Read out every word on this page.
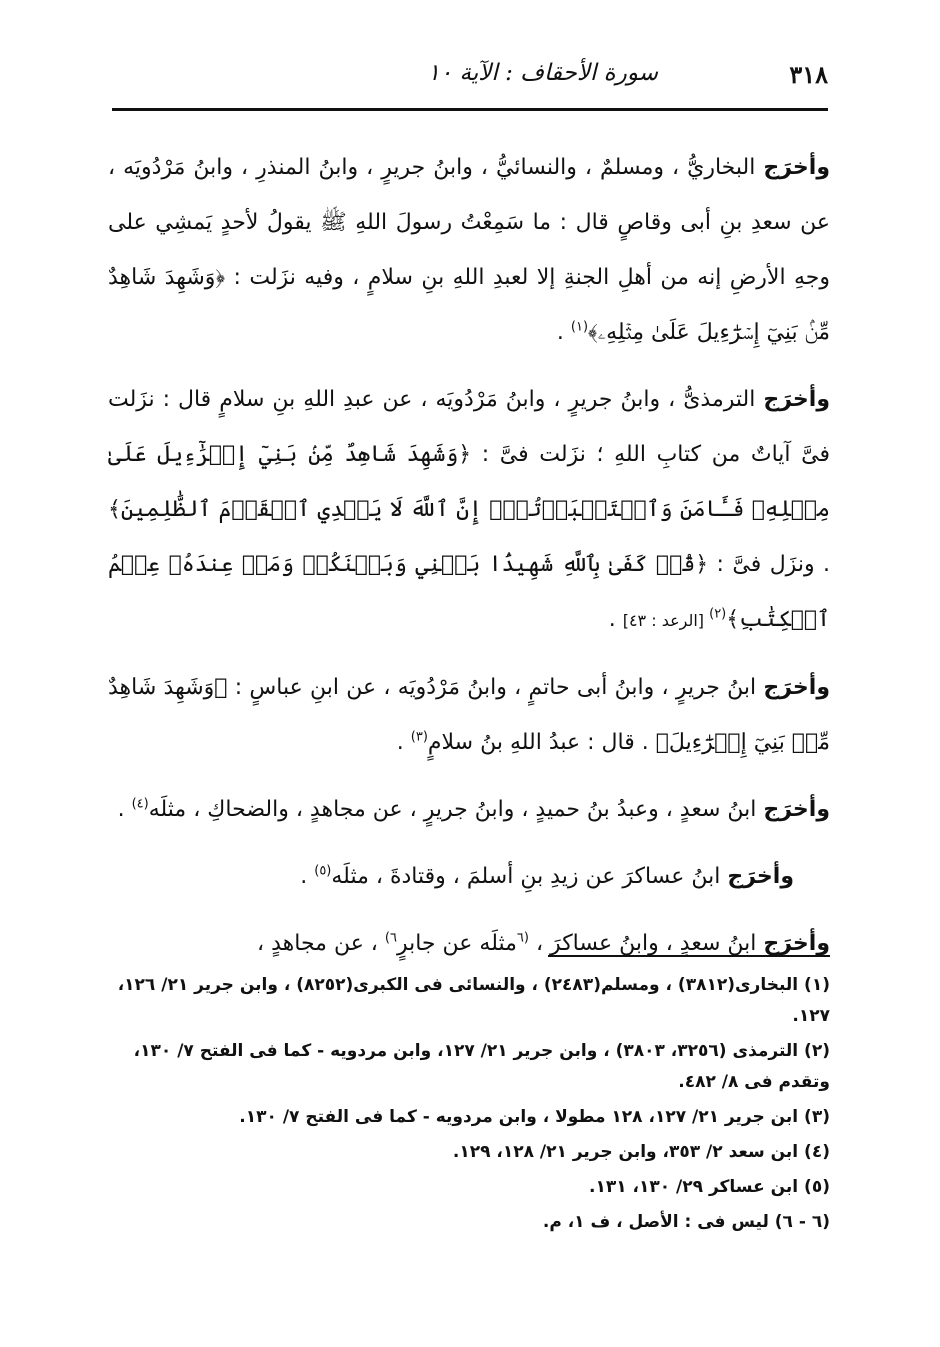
٣١٨
سورة الأحقاف : الآية ١٠

وأخرَج البخاريُّ ، ومسلمٌ ، والنسائيُّ ، وابنُ جريرٍ ، وابنُ المنذرِ ، وابنُ مَرْدُويَه ، عن سعدِ بنِ أبى وقاصٍ قال : ما سَمِعْتُ رسولَ اللهِ ﷺ يقولُ لأحدٍ يَمشِي على وجهِ الأرضِ إنه من أهلِ الجنةِ إلا لعبدِ اللهِ بنِ سلامٍ ، وفيه نزَلت : ﴿وَشَهِدَ شَاهِدٌ مِّنۢ بَنِيٓ إِسۡرَٰٓءِيلَ عَلَىٰ مِثۡلِهِۦ﴾$^{(١)}$ .

وأخرَج الترمذىُّ ، وابنُ جريرٍ ، وابنُ مَرْدُويَه ، عن عبدِ اللهِ بنِ سلامٍ قال : نزَلت فىَّ آياتٌ من كتابِ اللهِ ؛ نزَلت فىَّ : ﴿وَشَهِدَ شَاهِدٌ مِّنۢ بَنِيٓ إِسۡرَٰٓءِيلَ عَلَىٰ مِثۡلِهِۦ فَـَٔامَنَ وَٱسۡتَكۡبَرۡتُمۡۚ إِنَّ ٱللَّهَ لَا يَهۡدِي ٱلۡقَوۡمَ ٱلظَّٰلِمِينَ﴾ . ونزَل فىَّ : ﴿قُلۡ كَفَىٰ بِٱللَّهِ شَهِيدَۢا بَيۡنِي وَبَيۡنَكُمۡ وَمَنۡ عِندَهُۥ عِلۡمُ ٱلۡكِتَٰبِ﴾$^{(٢)}$ [الرعد : ٤٣] .

وأخرَج ابنُ جريرٍ ، وابنُ أبى حاتمٍ ، وابنُ مَرْدُويَه ، عن ابنِ عباسٍ : ﴿وَشَهِدَ شَاهِدٌ مِّنۢ بَنِيٓ إِسۡرَٰٓءِيلَ﴾ . قال : عبدُ اللهِ بنُ سلامٍ$^{(٣)}$ .

وأخرَج ابنُ سعدٍ ، وعبدُ بنُ حميدٍ ، وابنُ جريرٍ ، عن مجاهدٍ ، والضحاكِ ، مثلَه$^{(٤)}$ .

وأخرَج ابنُ عساكرَ عن زيدِ بنِ أسلمَ ، وقتادةَ ، مثلَه$^{(٥)}$ .

وأخرَج ابنُ سعدٍ ، وابنُ عساكرَ ، $^{(٦}$مثلَه عن جابرٍ$^{٦)}$ ، عن مجاهدٍ ،

(١) البخارى(٣٨١٢) ، ومسلم(٢٤٨٣) ، والنسائى فى الكبرى(٨٢٥٢) ، وابن جرير ٢١/ ١٢٦، ١٢٧.

(٢) الترمذى (٣٢٥٦، ٣٨٠٣) ، وابن جرير ٢١/ ١٢٧، وابن مردويه - كما فى الفتح ٧/ ١٣٠، وتقدم فى ٨/ ٤٨٢.

(٣) ابن جرير ٢١/ ١٢٧، ١٢٨ مطولا ، وابن مردويه - كما فى الفتح ٧/ ١٣٠.

(٤) ابن سعد ٢/ ٣٥٣، وابن جرير ٢١/ ١٢٨، ١٢٩.

(٥) ابن عساكر ٢٩/ ١٣٠، ١٣١.

(٦ - ٦) ليس فى : الأصل ، ف ١، م.
